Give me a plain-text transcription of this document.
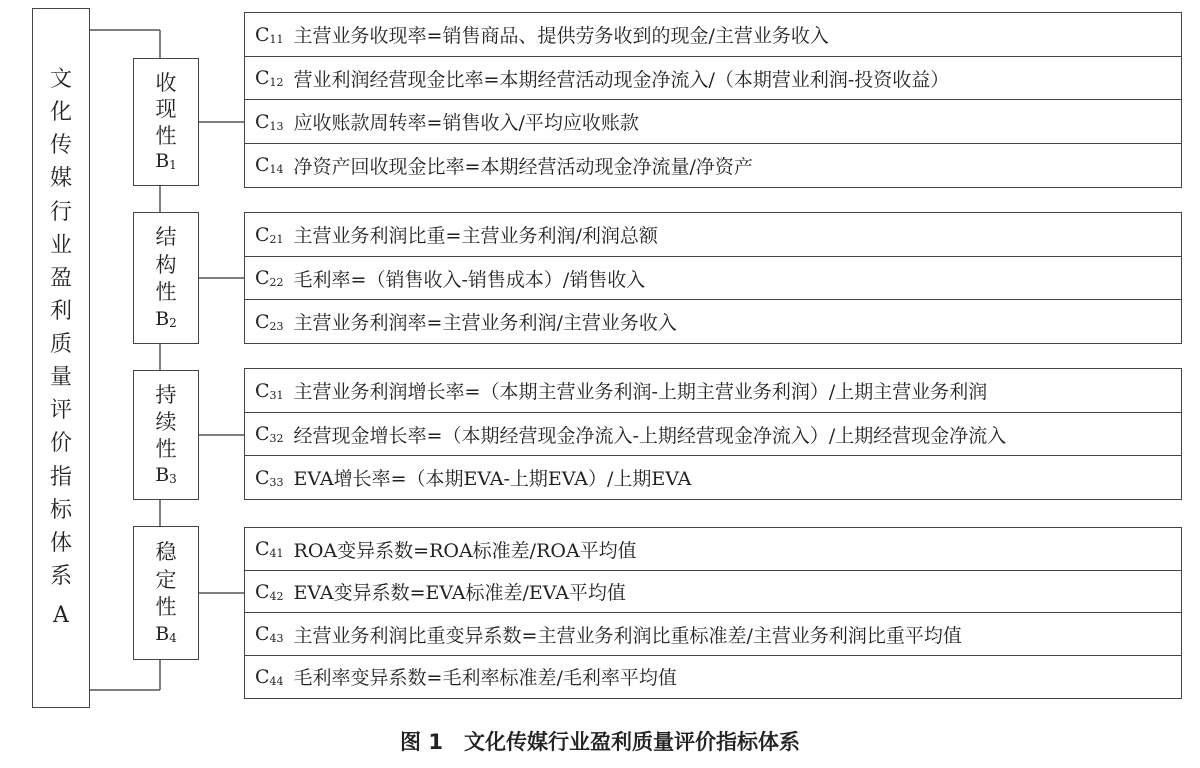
文
化
传
媒
行
业
盈
利
质
量
评
价
指
标
体
系
A
收
现
性
$B_1$
结
构
性
$B_2$
持
续
性
$B_3$
稳
定
性
$B_4$
$C_{11}$ 主营业务收现率=销售商品、提供劳务收到的现金/主营业务收入
$C_{12}$ 营业利润经营现金比率=本期经营活动现金净流入/（本期营业利润-投资收益）
$C_{13}$ 应收账款周转率=销售收入/平均应收账款
$C_{14}$ 净资产回收现金比率=本期经营活动现金净流量/净资产
$C_{21}$ 主营业务利润比重=主营业务利润/利润总额
$C_{22}$ 毛利率=（销售收入-销售成本）/销售收入
$C_{23}$ 主营业务利润率=主营业务利润/主营业务收入
$C_{31}$ 主营业务利润增长率=（本期主营业务利润-上期主营业务利润）/上期主营业务利润
$C_{32}$ 经营现金增长率=（本期经营现金净流入-上期经营现金净流入）/上期经营现金净流入
$C_{33}$ EVA增长率=（本期EVA-上期EVA）/上期EVA
$C_{41}$ ROA变异系数=ROA标准差/ROA平均值
$C_{42}$ EVA变异系数=EVA标准差/EVA平均值
$C_{43}$ 主营业务利润比重变异系数=主营业务利润比重标准差/主营业务利润比重平均值
$C_{44}$ 毛利率变异系数=毛利率标准差/毛利率平均值
图 1　文化传媒行业盈利质量评价指标体系
